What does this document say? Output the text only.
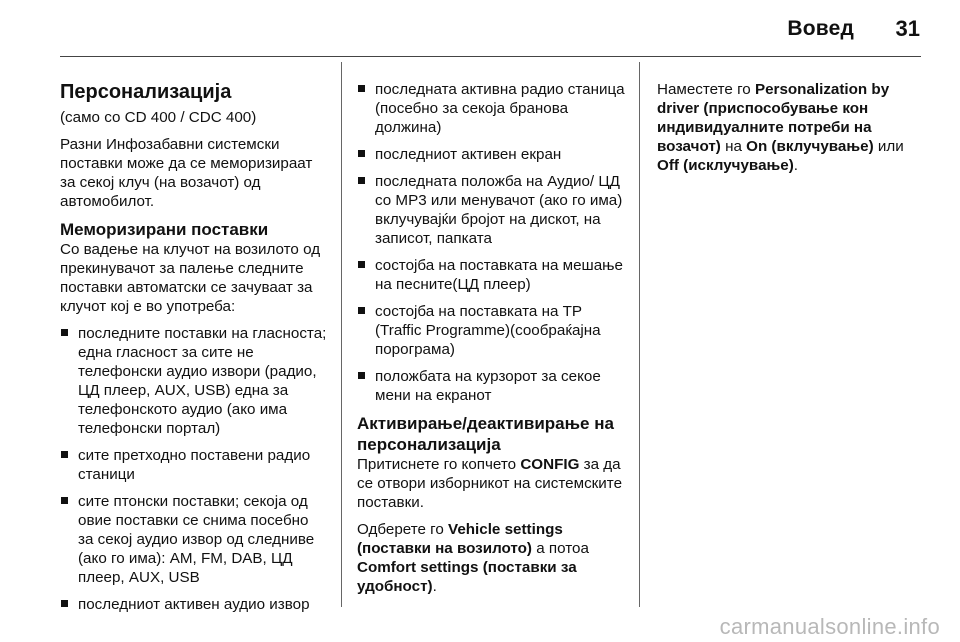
Вовед 31
Персонализација

(само со CD 400 / CDC 400)

Разни Инфозабавни системски поставки може да се меморизираат за секој клуч (на возачот) од автомобилот.

Меморизирани поставки

Со вадење на клучот на возилото од прекинувачот за палење следните поставки автоматски се зачуваат за клучот кој е во употреба:

последните поставки на гласноста; една гласност за сите не телефонски аудио извори (радио, ЦД плеер, AUX, USB) една за телефонското аудио (ако има телефонски портал)
сите претходно поставени радио станици
сите птонски поставки; секоја од овие поставки се снима посебно за секој аудио извор од следниве (ако го има): AM, FM, DAB, ЦД плеер, AUX, USB
последниот активен аудио извор
последната активна радио станица (посебно за секоја бранова должина)
последниот активен екран
последната положба на Аудио/ ЦД со MP3 или менувачот (ако го има) вклучувајќи бројот на дискот, на записот, папката
состојба на поставката на мешање на песните(ЦД плеер)
состојба на поставката на TP (Traffic Programme)(сообраќајна порограма)
положбата на курзорот за секое мени на екранот
Активирање/деактивирање на персонализација

Притиснете го копчето CONFIG за да се отвори изборникот на системските поставки.

Одберете го Vehicle settings (поставки на возилото) а потоа Comfort settings (поставки за удобност).

Наместете го Personalization by driver (приспособување кон индивидуалните потреби на возачот) на On (вклучување) или Off (исклучување).

carmanualsonline.info
